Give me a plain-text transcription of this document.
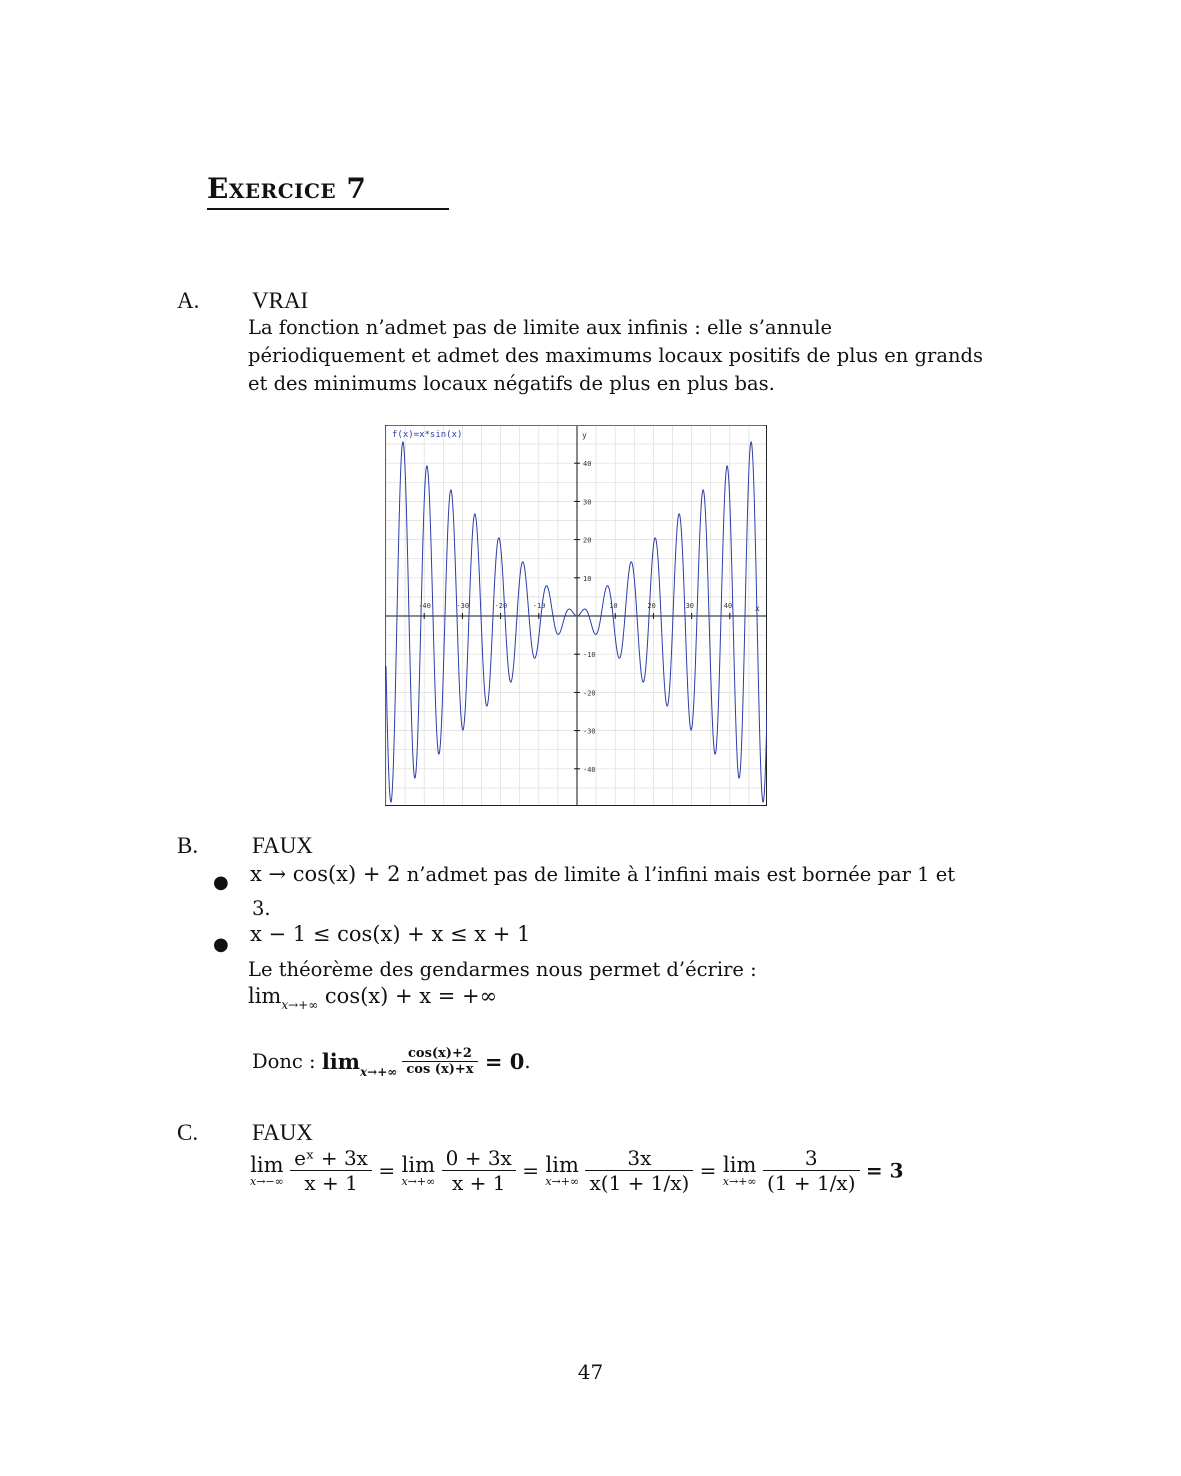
Exercice 7
A. VRAI
La fonction n’admet pas de limite aux infinis : elle s’annule
périodiquement et admet des maximums locaux positifs de plus en grands
et des minimums locaux négatifs de plus en plus bas.
-40	-30	-20	-10	10	20	30	40
40
30
20
10
-10
-20
-30
-40
f(x)=x*sin(x)	y
x
B. FAUX
● x → cos(x) + 2 n’admet pas de limite à l’infini mais est bornée par 1 et
3.
● x − 1 ≤ cos(x) + x ≤ x + 1
Le théorème des gendarmes nous permet d’écrire :
$\lim_{x\to+\infty} \cos(x) + x$ = +∞
Donc : $\lim_{x\to+\infty} \frac{\cos(x)+2}{\cos (x)+x} = 0$.
C. FAUX
lim
x→−∞
$\frac{\text{eˣ + 3x}}{x + 1} = \lim$
x→+∞
$\frac{0 + 3x}{x + 1} = \lim$
x→+∞
$\frac{3x}{x(1 + 1/x)} = \lim$
x→+∞
$\frac{3}{(1 + 1/x)} = 3$
47
